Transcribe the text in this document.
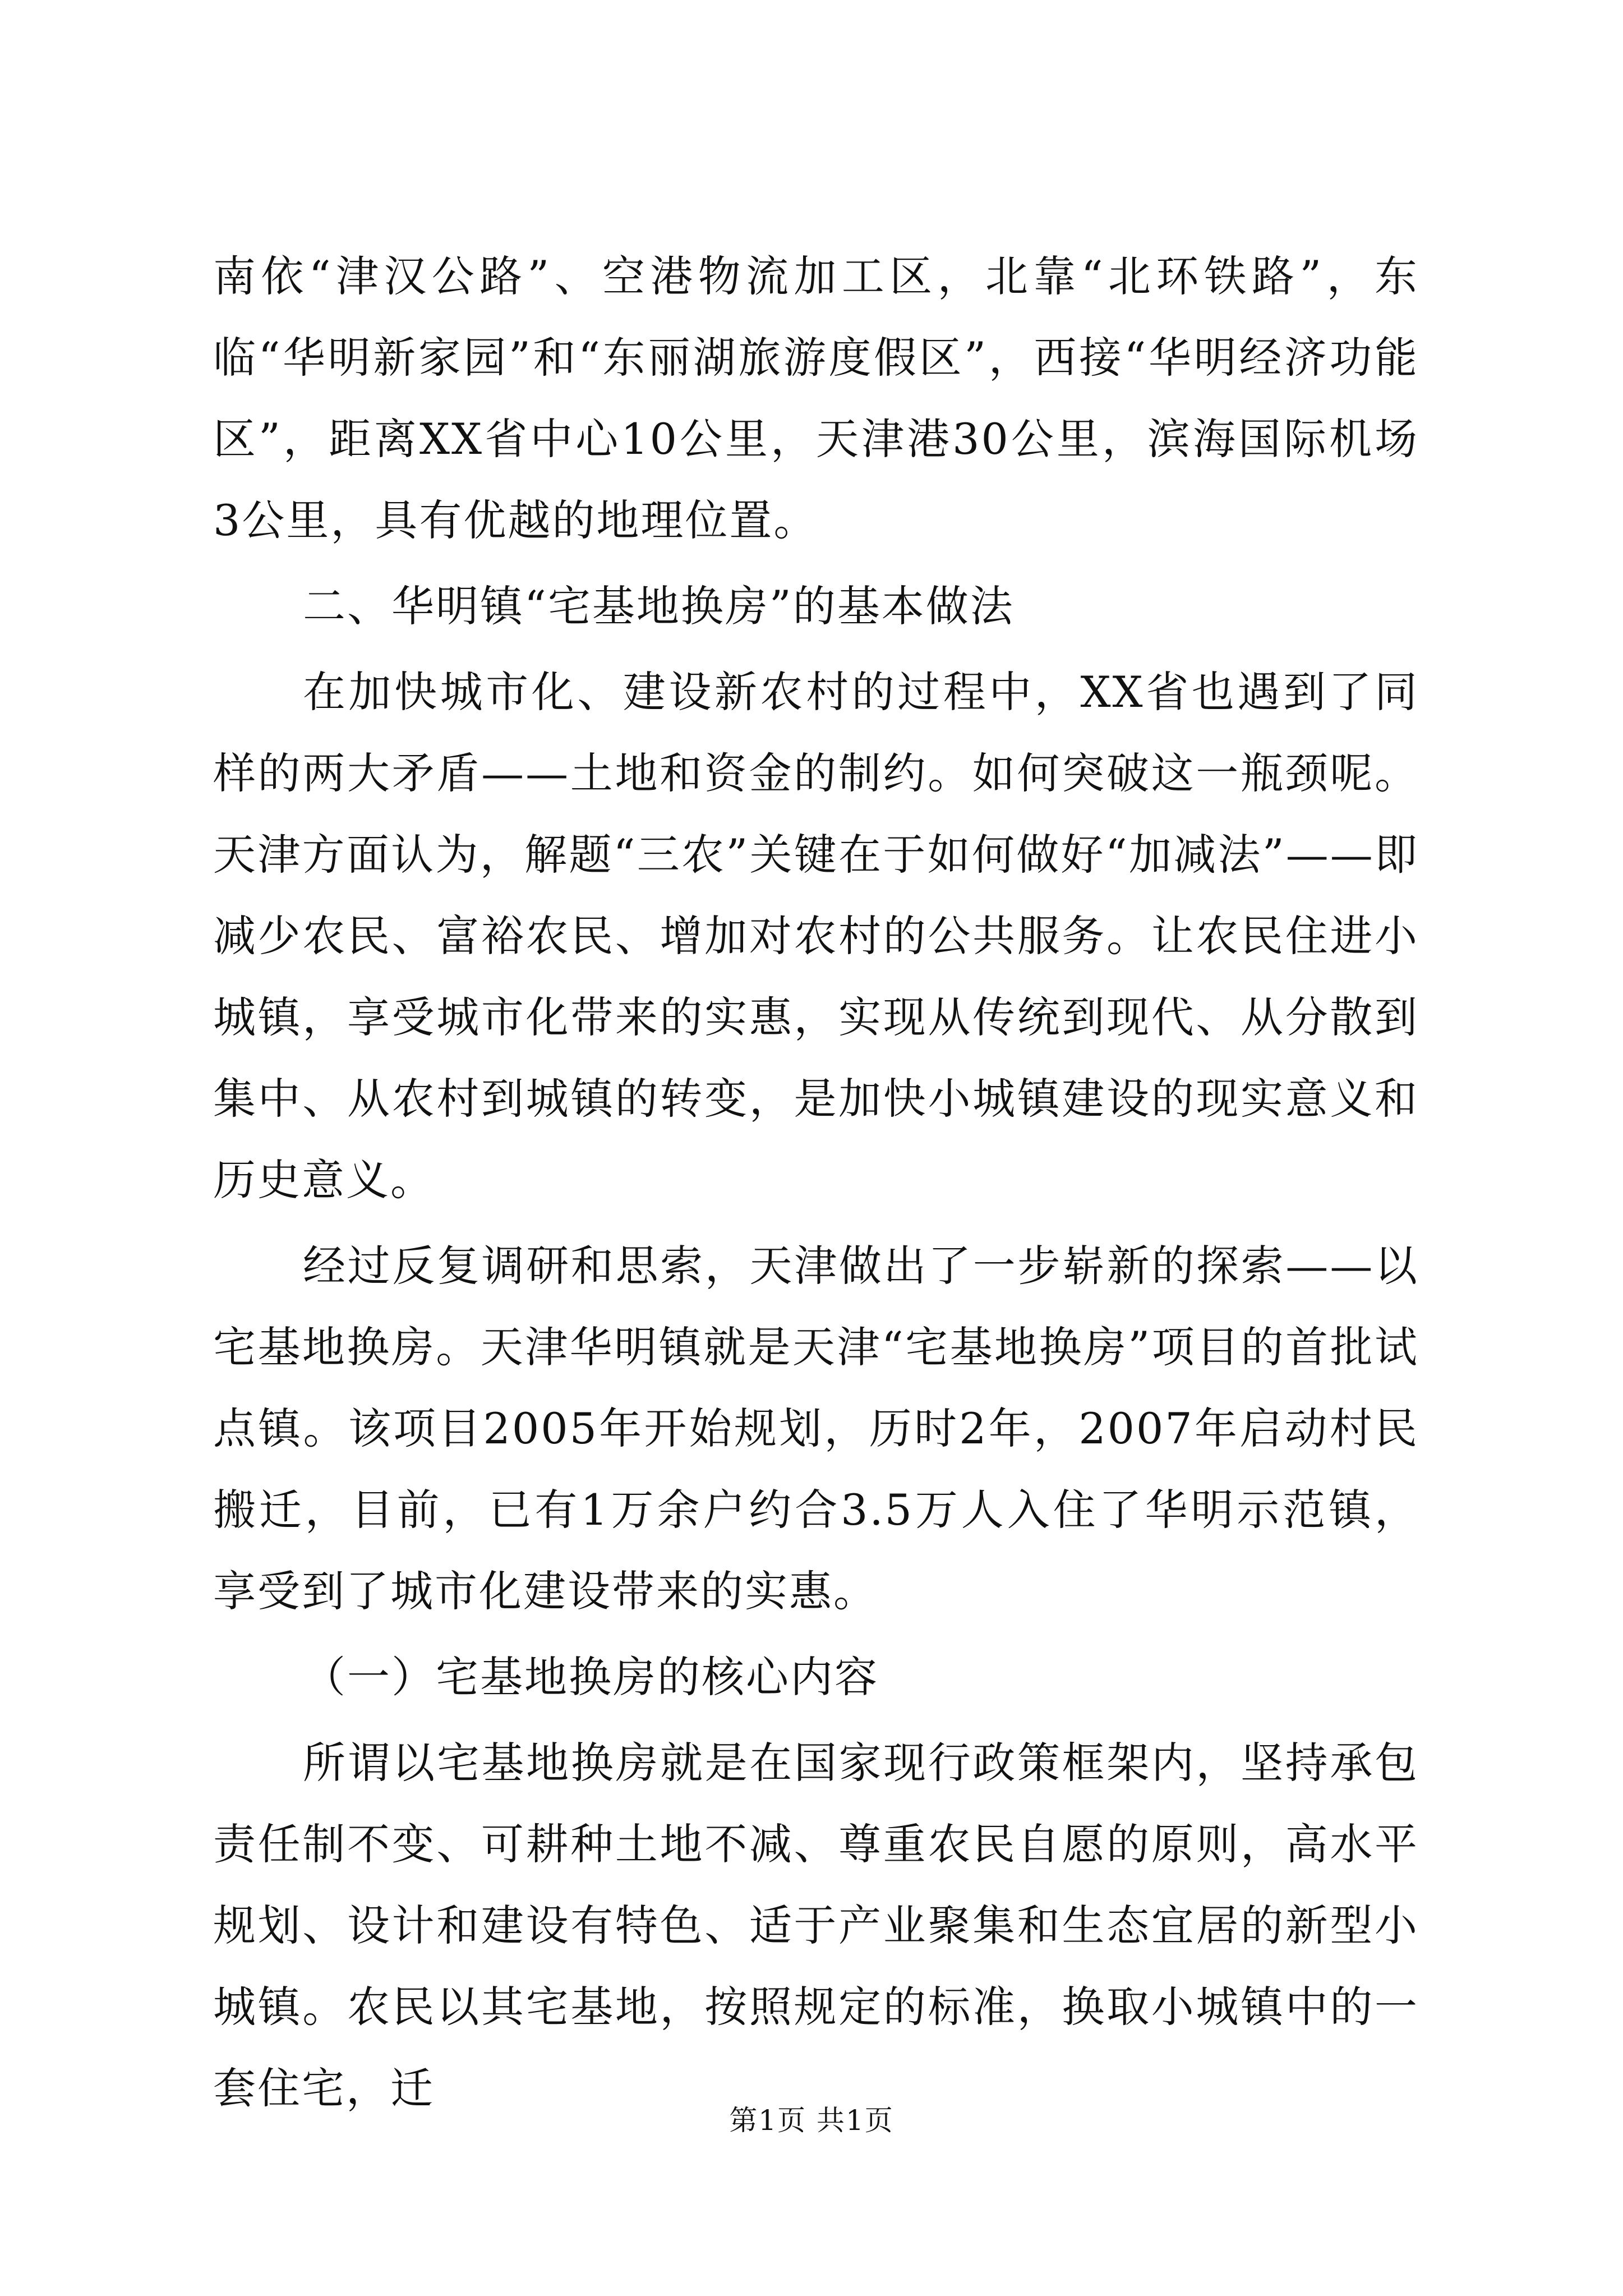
南依“津汉公路”、空港物流加工区，北靠“北环铁路”，东临“华明新家园”和“东丽湖旅游度假区”，西接“华明经济功能区”，距离XX省中心10公里，天津港30公里，滨海国际机场3公里，具有优越的地理位置。

二、华明镇“宅基地换房”的基本做法

在加快城市化、建设新农村的过程中，XX省也遇到了同样的两大矛盾——土地和资金的制约。如何突破这一瓶颈呢。天津方面认为，解题“三农”关键在于如何做好“加减法”——即减少农民、富裕农民、增加对农村的公共服务。让农民住进小城镇，享受城市化带来的实惠，实现从传统到现代、从分散到集中、从农村到城镇的转变，是加快小城镇建设的现实意义和历史意义。

经过反复调研和思索，天津做出了一步崭新的探索——以宅基地换房。天津华明镇就是天津“宅基地换房”项目的首批试点镇。该项目2005年开始规划，历时2年，2007年启动村民搬迁，目前，已有1万余户约合3.5万人入住了华明示范镇，享受到了城市化建设带来的实惠。

（一）宅基地换房的核心内容

所谓以宅基地换房就是在国家现行政策框架内，坚持承包责任制不变、可耕种土地不减、尊重农民自愿的原则，高水平规划、设计和建设有特色、适于产业聚集和生态宜居的新型小城镇。农民以其宅基地，按照规定的标准，换取小城镇中的一套住宅，迁

第1页 共1页
